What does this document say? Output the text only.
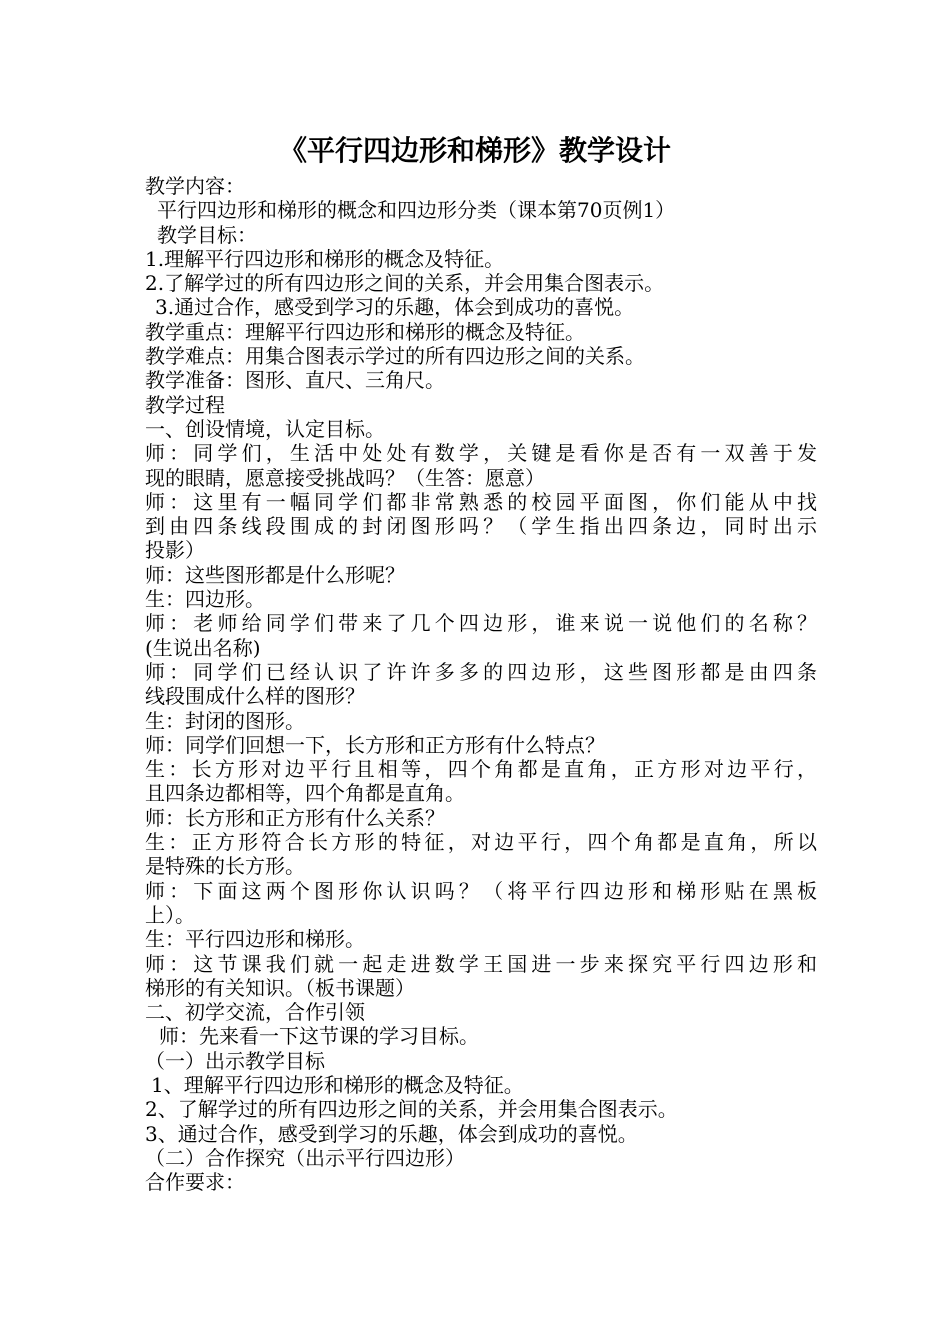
《平行四边形和梯形》教学设计
教学内容：
平行四边形和梯形的概念和四边形分类（课本第70页例1）
教学目标：
1.理解平行四边形和梯形的概念及特征。
2.了解学过的所有四边形之间的关系，并会用集合图表示。
3.通过合作，感受到学习的乐趣，体会到成功的喜悦。
教学重点：理解平行四边形和梯形的概念及特征。
教学难点：用集合图表示学过的所有四边形之间的关系。
教学准备：图形、直尺、三角尺。
教学过程
一、创设情境，认定目标。
师：同学们，生活中处处有数学，关键是看你是否有一双善于发
现的眼睛，愿意接受挑战吗？（生答：愿意）
师：这里有一幅同学们都非常熟悉的校园平面图，你们能从中找
到由四条线段围成的封闭图形吗？（学生指出四条边，同时出示
投影）
师：这些图形都是什么形呢？
生：四边形。
师：老师给同学们带来了几个四边形，谁来说一说他们的名称？
(生说出名称)
师：同学们已经认识了许许多多的四边形，这些图形都是由四条
线段围成什么样的图形？
生：封闭的图形。
师：同学们回想一下，长方形和正方形有什么特点？
生：长方形对边平行且相等，四个角都是直角，正方形对边平行，
且四条边都相等，四个角都是直角。
师：长方形和正方形有什么关系？
生：正方形符合长方形的特征，对边平行，四个角都是直角，所以
是特殊的长方形。
师：下面这两个图形你认识吗？（将平行四边形和梯形贴在黑板
上）。
生：平行四边形和梯形。
师：这节课我们就一起走进数学王国进一步来探究平行四边形和
梯形的有关知识。（板书课题）
二、初学交流，合作引领
师：先来看一下这节课的学习目标。
（一）出示教学目标
1、理解平行四边形和梯形的概念及特征。
2、了解学过的所有四边形之间的关系，并会用集合图表示。
3、通过合作，感受到学习的乐趣，体会到成功的喜悦。
（二）合作探究（出示平行四边形）
合作要求：
